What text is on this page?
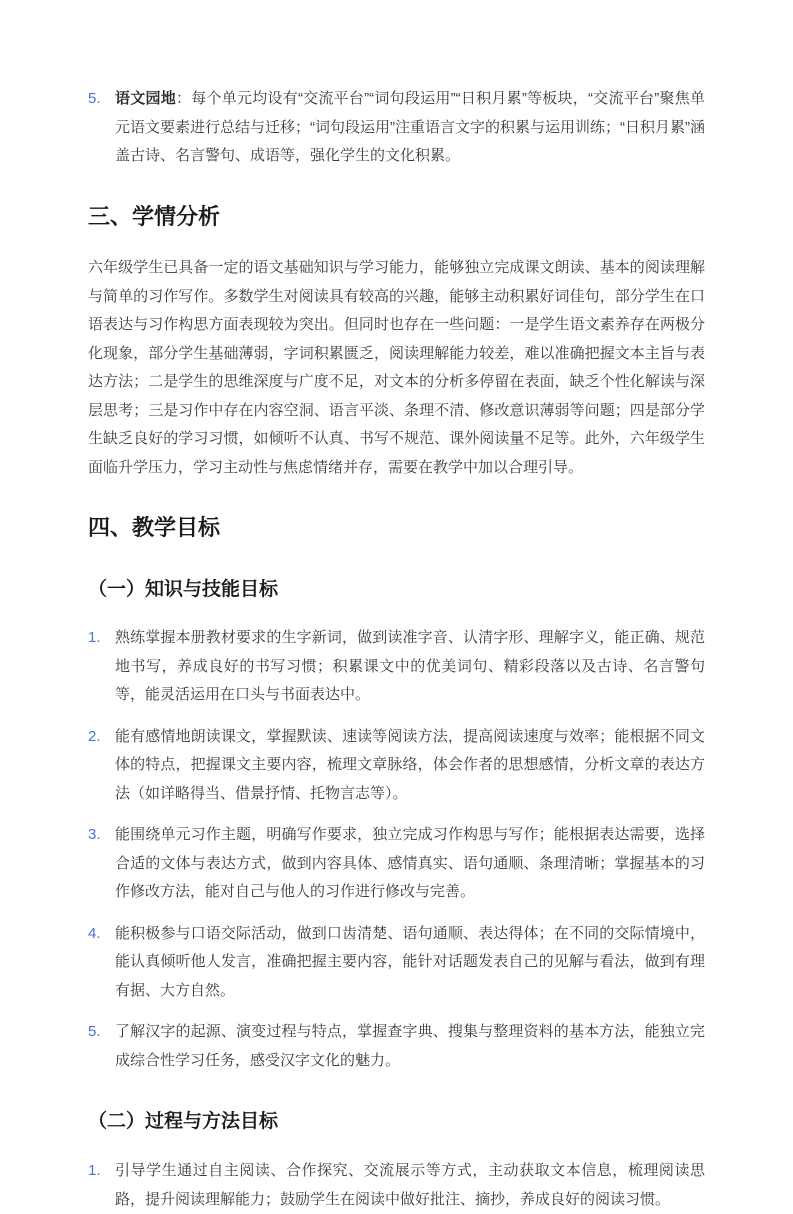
5. 语文园地：每个单元均设有“交流平台”“词句段运用”“日积月累”等板块，“交流平台”聚焦单元语文要素进行总结与迁移；“词句段运用”注重语言文字的积累与运用训练；“日积月累”涵盖古诗、名言警句、成语等，强化学生的文化积累。
三、学情分析

六年级学生已具备一定的语文基础知识与学习能力，能够独立完成课文朗读、基本的阅读理解与简单的习作写作。多数学生对阅读具有较高的兴趣，能够主动积累好词佳句，部分学生在口语表达与习作构思方面表现较为突出。但同时也存在一些问题：一是学生语文素养存在两极分化现象，部分学生基础薄弱，字词积累匮乏，阅读理解能力较差，难以准确把握文本主旨与表达方法；二是学生的思维深度与广度不足，对文本的分析多停留在表面，缺乏个性化解读与深层思考；三是习作中存在内容空洞、语言平淡、条理不清、修改意识薄弱等问题；四是部分学生缺乏良好的学习习惯，如倾听不认真、书写不规范、课外阅读量不足等。此外，六年级学生面临升学压力，学习主动性与焦虑情绪并存，需要在教学中加以合理引导。

四、教学目标
（一）知识与技能目标
1. 熟练掌握本册教材要求的生字新词，做到读准字音、认清字形、理解字义，能正确、规范地书写，养成良好的书写习惯；积累课文中的优美词句、精彩段落以及古诗、名言警句等，能灵活运用在口头与书面表达中。
2. 能有感情地朗读课文，掌握默读、速读等阅读方法，提高阅读速度与效率；能根据不同文体的特点，把握课文主要内容，梳理文章脉络，体会作者的思想感情，分析文章的表达方法（如详略得当、借景抒情、托物言志等）。
3. 能围绕单元习作主题，明确写作要求，独立完成习作构思与写作；能根据表达需要，选择合适的文体与表达方式，做到内容具体、感情真实、语句通顺、条理清晰；掌握基本的习作修改方法，能对自己与他人的习作进行修改与完善。
4. 能积极参与口语交际活动，做到口齿清楚、语句通顺、表达得体；在不同的交际情境中，能认真倾听他人发言，准确把握主要内容，能针对话题发表自己的见解与看法，做到有理有据、大方自然。
5. 了解汉字的起源、演变过程与特点，掌握查字典、搜集与整理资料的基本方法，能独立完成综合性学习任务，感受汉字文化的魅力。
（二）过程与方法目标
1. 引导学生通过自主阅读、合作探究、交流展示等方式，主动获取文本信息，梳理阅读思路，提升阅读理解能力；鼓励学生在阅读中做好批注、摘抄，养成良好的阅读习惯。
